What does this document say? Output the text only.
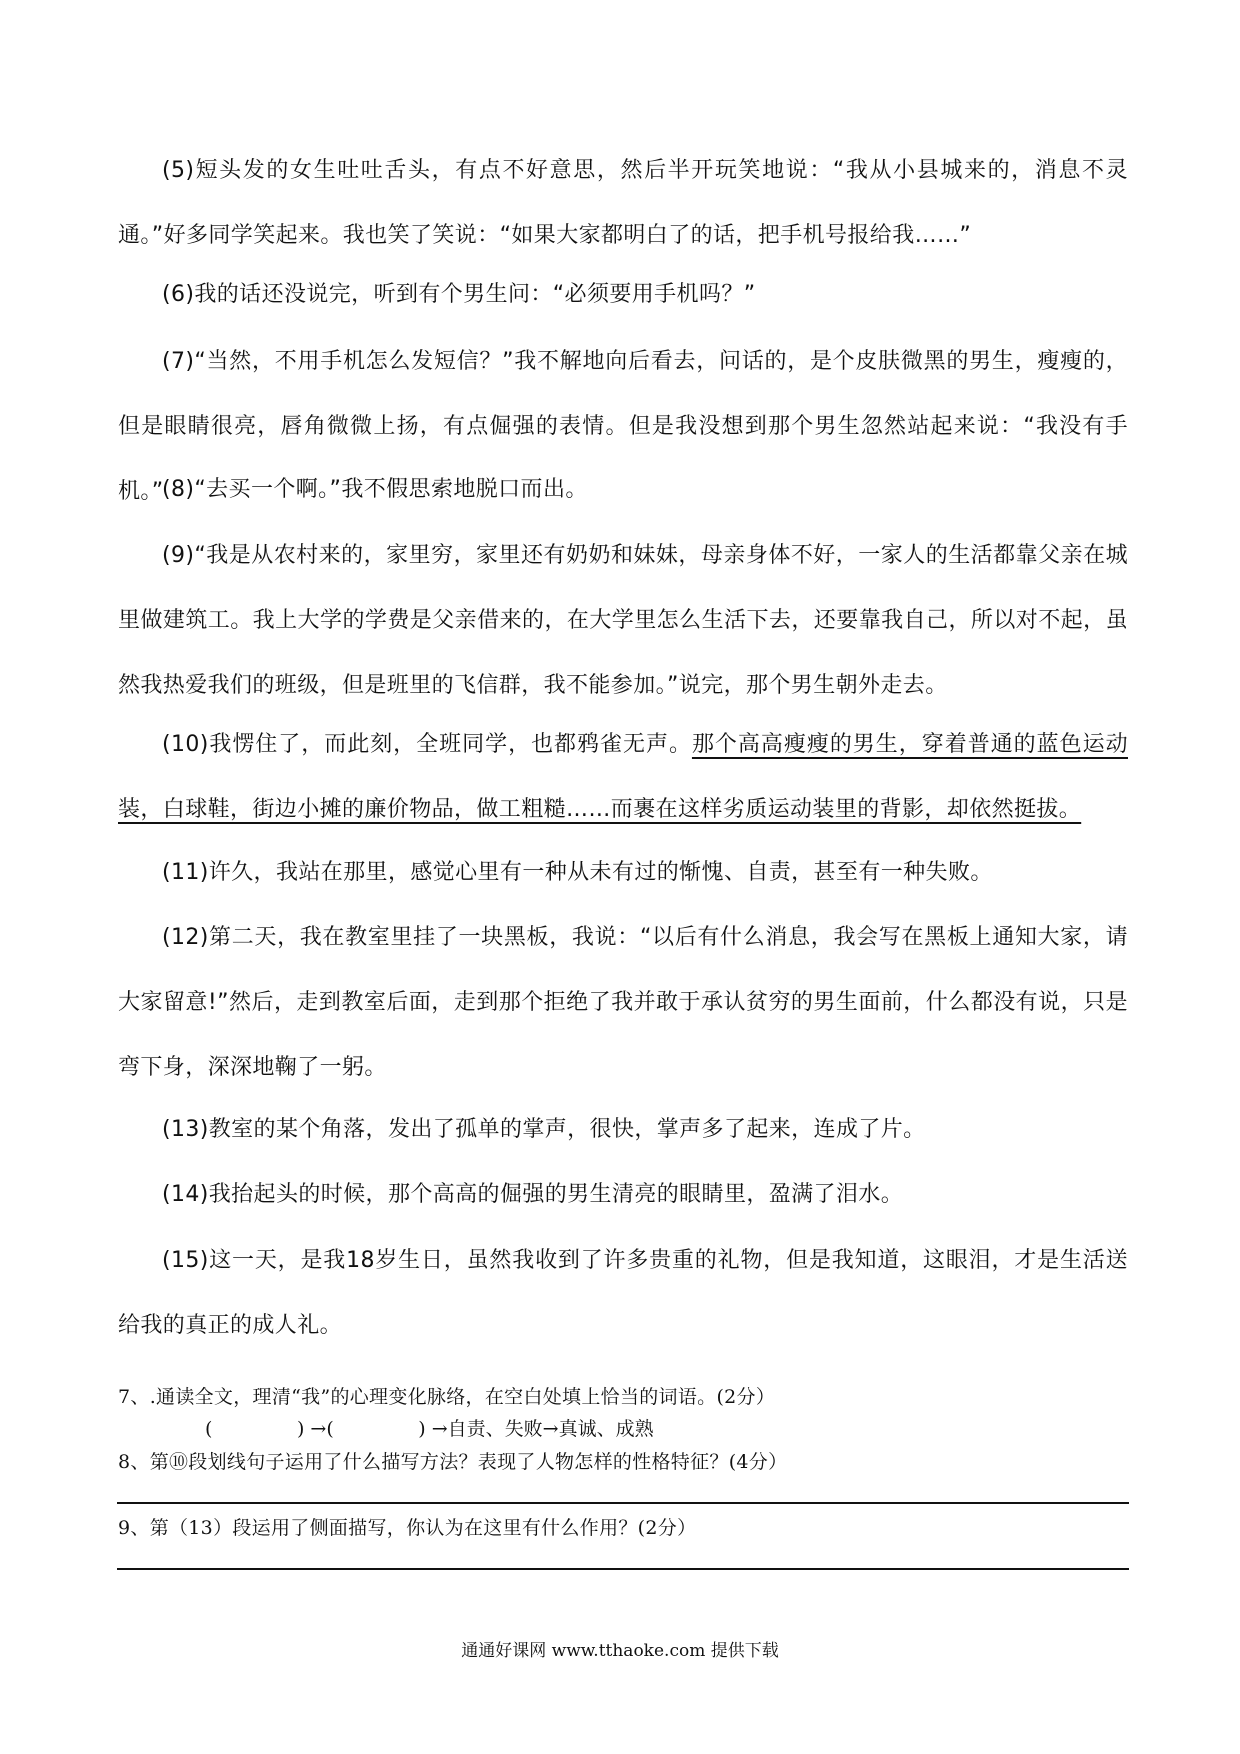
(5)短头发的女生吐吐舌头，有点不好意思，然后半开玩笑地说：“我从小县城来的，消息不灵通。”好多同学笑起来。我也笑了笑说：“如果大家都明白了的话，把手机号报给我……”

(6)我的话还没说完，听到有个男生问：“必须要用手机吗？”

(7)“当然，不用手机怎么发短信？”我不解地向后看去，问话的，是个皮肤微黑的男生，瘦瘦的，但是眼睛很亮，唇角微微上扬，有点倔强的表情。但是我没想到那个男生忽然站起来说：“我没有手机。”

(8)“去买一个啊。”我不假思索地脱口而出。

(9)“我是从农村来的，家里穷，家里还有奶奶和妹妹，母亲身体不好，一家人的生活都靠父亲在城里做建筑工。我上大学的学费是父亲借来的，在大学里怎么生活下去，还要靠我自己，所以对不起，虽然我热爱我们的班级，但是班里的飞信群，我不能参加。”说完，那个男生朝外走去。

(10)我愣住了，而此刻，全班同学，也都鸦雀无声。那个高高瘦瘦的男生，穿着普通的蓝色运动装，白球鞋，街边小摊的廉价物品，做工粗糙……而裹在这样劣质运动装里的背影，却依然挺拔。

(11)许久，我站在那里，感觉心里有一种从未有过的惭愧、自责，甚至有一种失败。

(12)第二天，我在教室里挂了一块黑板，我说：“以后有什么消息，我会写在黑板上通知大家，请大家留意!”然后，走到教室后面，走到那个拒绝了我并敢于承认贫穷的男生面前，什么都没有说，只是弯下身，深深地鞠了一躬。

(13)教室的某个角落，发出了孤单的掌声，很快，掌声多了起来，连成了片。

(14)我抬起头的时候，那个高高的倔强的男生清亮的眼睛里，盈满了泪水。

(15)这一天，是我18岁生日，虽然我收到了许多贵重的礼物，但是我知道，这眼泪，才是生活送给我的真正的成人礼。

7、.通读全文，理清“我”的心理变化脉络，在空白处填上恰当的词语。(2分）

(              ) →(              ) →自责、失败→真诚、成熟

8、第⑩段划线句子运用了什么描写方法？表现了人物怎样的性格特征？(4分）

9、第（13）段运用了侧面描写，你认为在这里有什么作用？(2分）

通通好课网 www.tthaoke.com 提供下载
